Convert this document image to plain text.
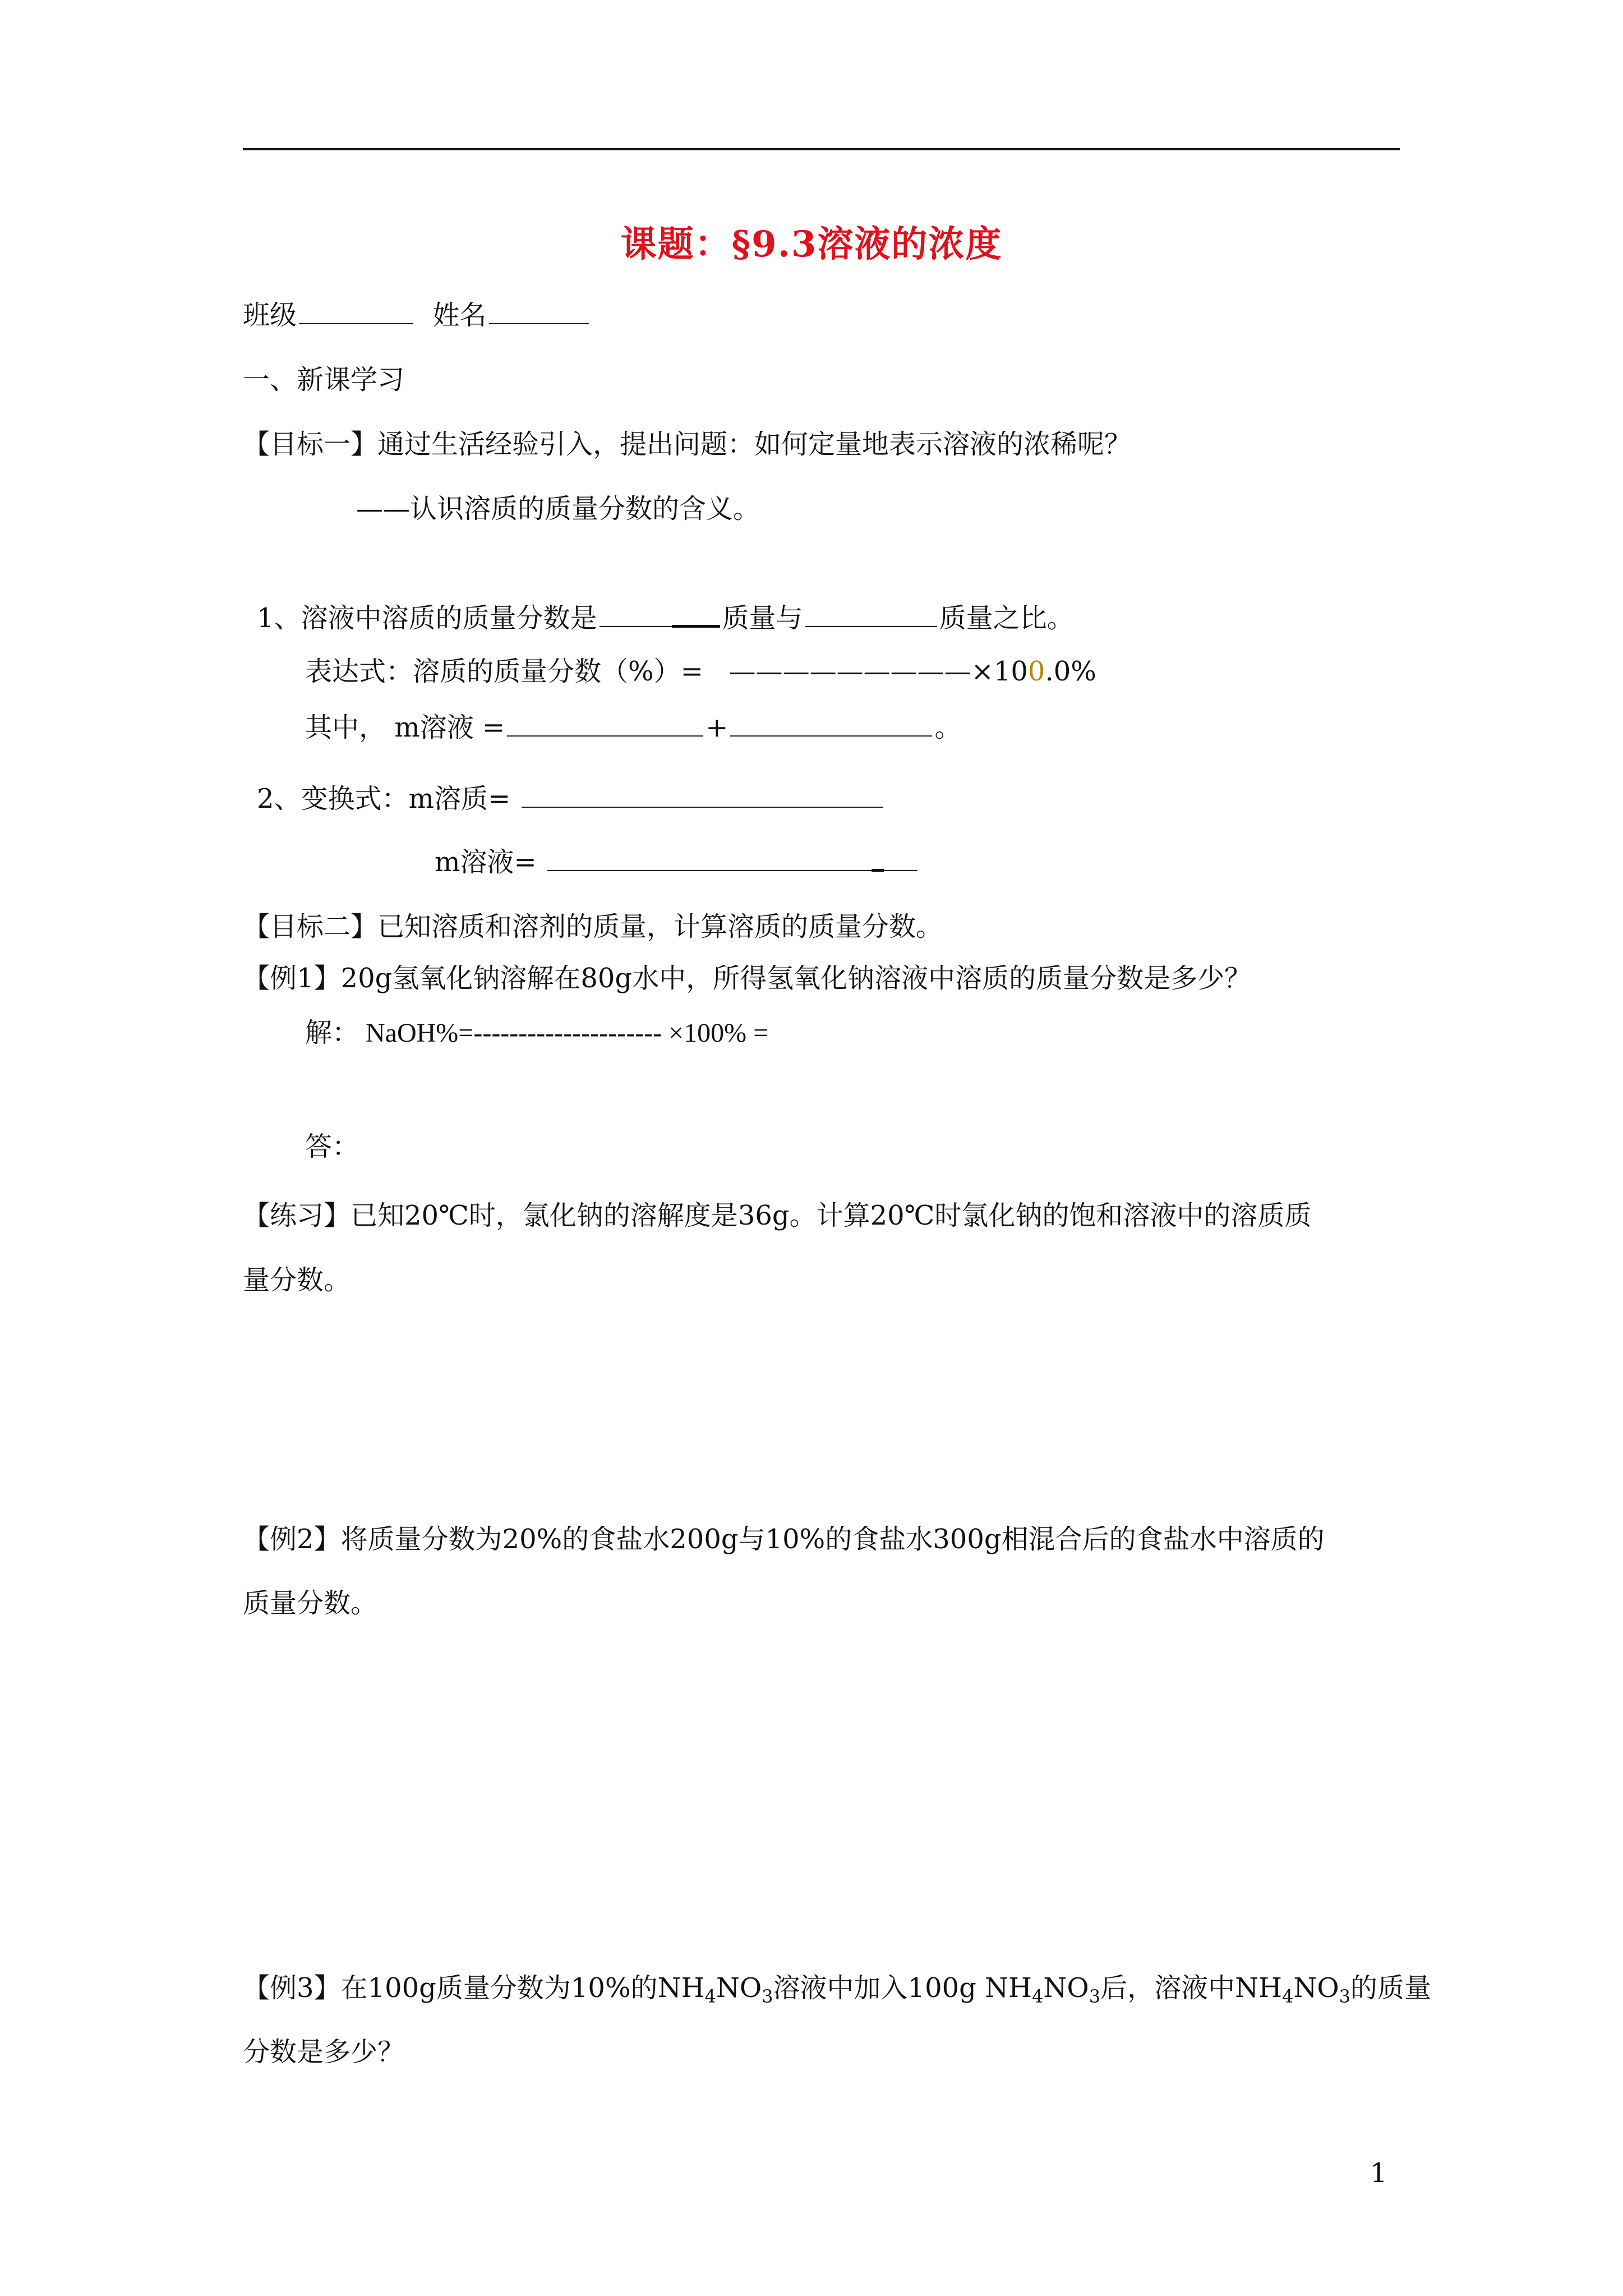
课题：§9.3溶液的浓度
班级	姓名
一、新课学习
【目标一】通过生活经验引入，提出问题：如何定量地表示溶液的浓稀呢？
——认识溶质的质量分数的含义。
1、溶液中溶质的质量分数是	质量与	质量之比。
表达式：溶质的质量分数（%）= —————————×100.0%
其中， m溶液 =	+	。
2、变换式：m溶质=
m溶液=
【目标二】已知溶质和溶剂的质量，计算溶质的质量分数。
【例1】20g氢氧化钠溶解在80g水中，所得氢氧化钠溶液中溶质的质量分数是多少？
解： NaOH%=--------------------- ×100% =
答：
【练习】已知20℃时，氯化钠的溶解度是36g。计算20℃时氯化钠的饱和溶液中的溶质质
量分数。
【例2】将质量分数为20%的食盐水200g与10%的食盐水300g相混合后的食盐水中溶质的
质量分数。
【例3】在100g质量分数为10%的$NH_4NO_3$溶液中加入100g $NH_4NO_3$后，溶液中$NH_4NO_3$的质量
分数是多少？
1
